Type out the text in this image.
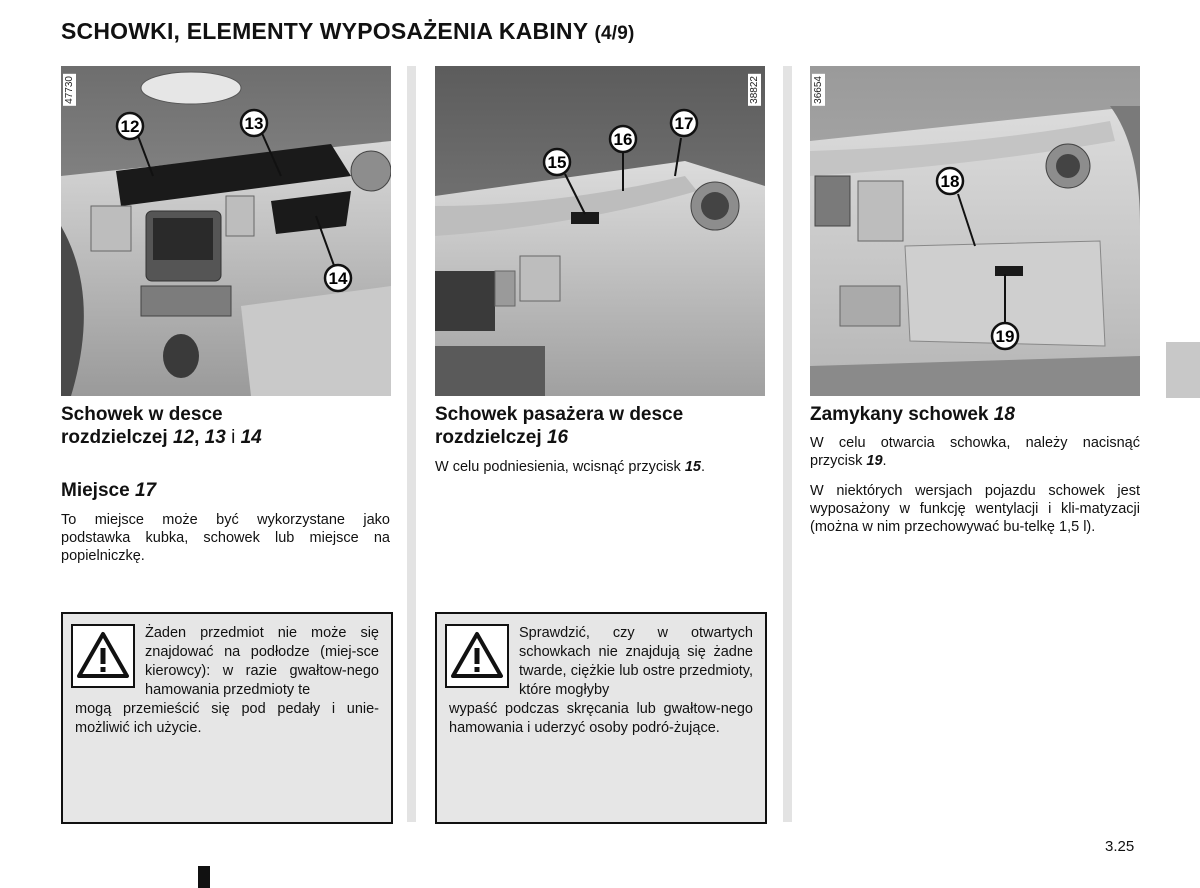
SCHOWKI, ELEMENTY WYPOSAŻENIA KABINY (4/9)
12	13
14
47730
15
16
17
38822
18
19
36654
Schowek w desce
rozdzielczej 12, 13 i 14
Miejsce 17
To miejsce może być wykorzystane jako podstawka kubka, schowek lub miejsce na popielniczkę.
Żaden przedmiot nie może się znajdować na podłodze (miej-sce kierowcy): w razie gwałtow-nego hamowania przedmioty te
mogą przemieścić się pod pedały i unie-możliwić ich użycie.
Schowek pasażera w desce
rozdzielczej 16
W celu podniesienia, wcisnąć przycisk 15.
Sprawdzić, czy w otwartych schowkach nie znajdują się żadne twarde, ciężkie lub ostre przedmioty, które mogłyby
wypaść podczas skręcania lub gwałtow-nego hamowania i uderzyć osoby podró-żujące.
Zamykany schowek 18
W celu otwarcia schowka, należy nacisnąć przycisk 19.
W niektórych wersjach pojazdu schowek jest wyposażony w funkcję wentylacji i kli-matyzacji (można w nim przechowywać bu-telkę 1,5 l).
3.25
